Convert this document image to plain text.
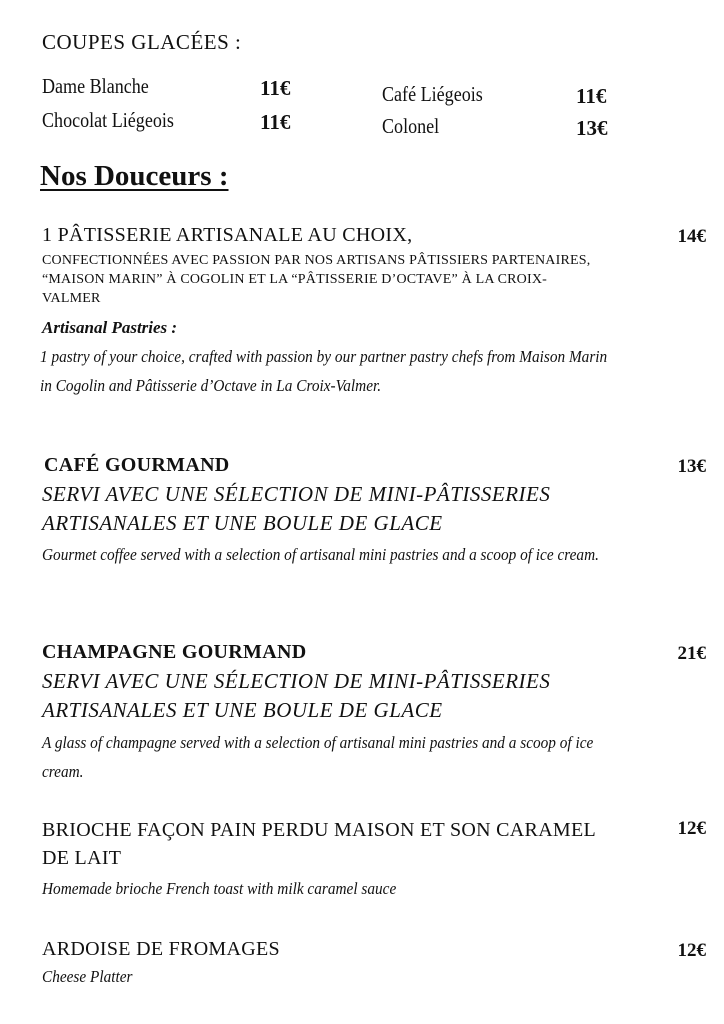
COUPES GLACÉES :
Dame Blanche	11€
Chocolat Liégeois	11€
Café Liégeois	11€
Colonel	13€
Nos Douceurs :
1 PÂTISSERIE ARTISANALE AU CHOIX,	14€
CONFECTIONNÉES AVEC PASSION PAR NOS ARTISANS PÂTISSIERS PARTENAIRES, “MAISON MARIN” À COGOLIN ET LA “PÂTISSERIE D’OCTAVE” À LA CROIX-VALMER
Artisanal Pastries :
1 pastry of your choice, crafted with passion by our partner pastry chefs from Maison Marin in Cogolin and Pâtisserie d’Octave in La Croix-Valmer.
CAFÉ GOURMAND	13€
SERVI AVEC UNE SÉLECTION DE MINI-PÂTISSERIES ARTISANALES ET UNE BOULE DE GLACE
Gourmet coffee served with a selection of artisanal mini pastries and a scoop of ice cream.
CHAMPAGNE GOURMAND	21€
SERVI AVEC UNE SÉLECTION DE MINI-PÂTISSERIES ARTISANALES ET UNE BOULE DE GLACE
A glass of champagne served with a selection of artisanal mini pastries and a scoop of ice cream.
BRIOCHE FAÇON PAIN PERDU MAISON ET SON CARAMEL DE LAIT
12€
Homemade brioche French toast with milk caramel sauce
ARDOISE DE FROMAGES	12€
Cheese Platter
